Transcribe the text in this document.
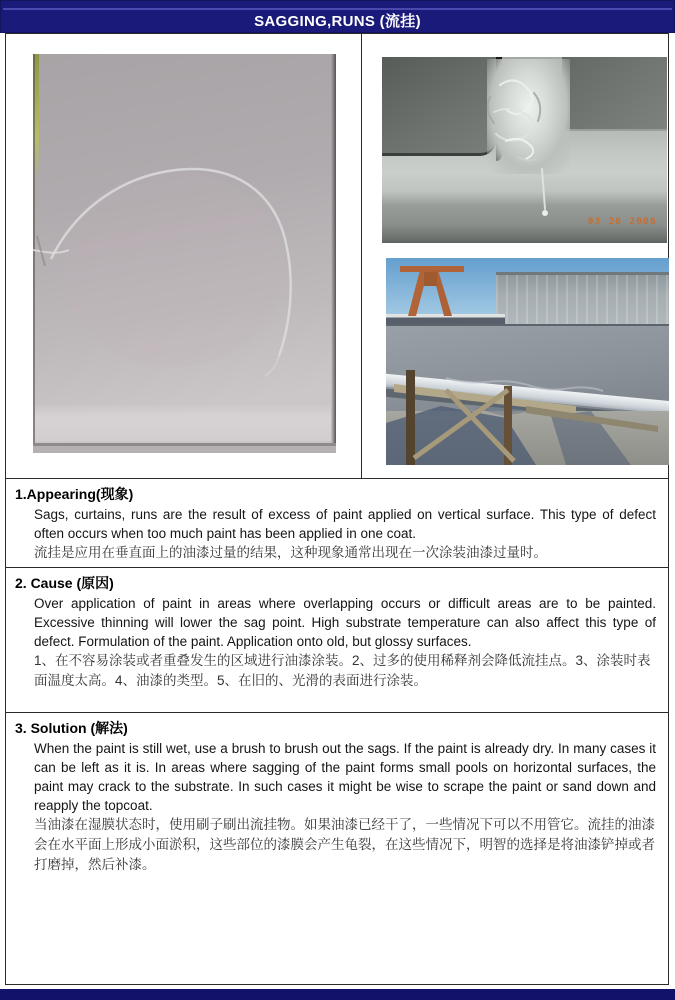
SAGGING,RUNS (流挂)
03 26 2006
1.Appearing(现象)

Sags, curtains, runs are the result of excess of paint applied on vertical surface. This type of defect often occurs when too much paint has been applied in one coat.

流挂是应用在垂直面上的油漆过量的结果，这种现象通常出现在一次涂装油漆过量时。

2. Cause (原因)

Over application of paint in areas where overlapping occurs or difficult areas are to be painted. Excessive thinning will lower the sag point. High substrate temperature can also affect this type of defect. Formulation of the paint. Application onto old, but glossy surfaces.

1、在不容易涂装或者重叠发生的区域进行油漆涂装。2、过多的使用稀释剂会降低流挂点。3、涂装时表面温度太高。4、油漆的类型。5、在旧的、光滑的表面进行涂装。

3. Solution (解法)

When the paint is still wet, use a brush to brush out the sags. If the paint is already dry. In many cases it can be left as it is. In areas where sagging of the paint forms small pools on horizontal surfaces, the paint may crack to the substrate. In such cases it might be wise to scrape the paint or sand down and reapply the topcoat.

当油漆在湿膜状态时，使用刷子刷出流挂物。如果油漆已经干了，一些情况下可以不用管它。流挂的油漆会在水平面上形成小面淤积，这些部位的漆膜会产生龟裂，在这些情况下，明智的选择是将油漆铲掉或者打磨掉，然后补漆。
